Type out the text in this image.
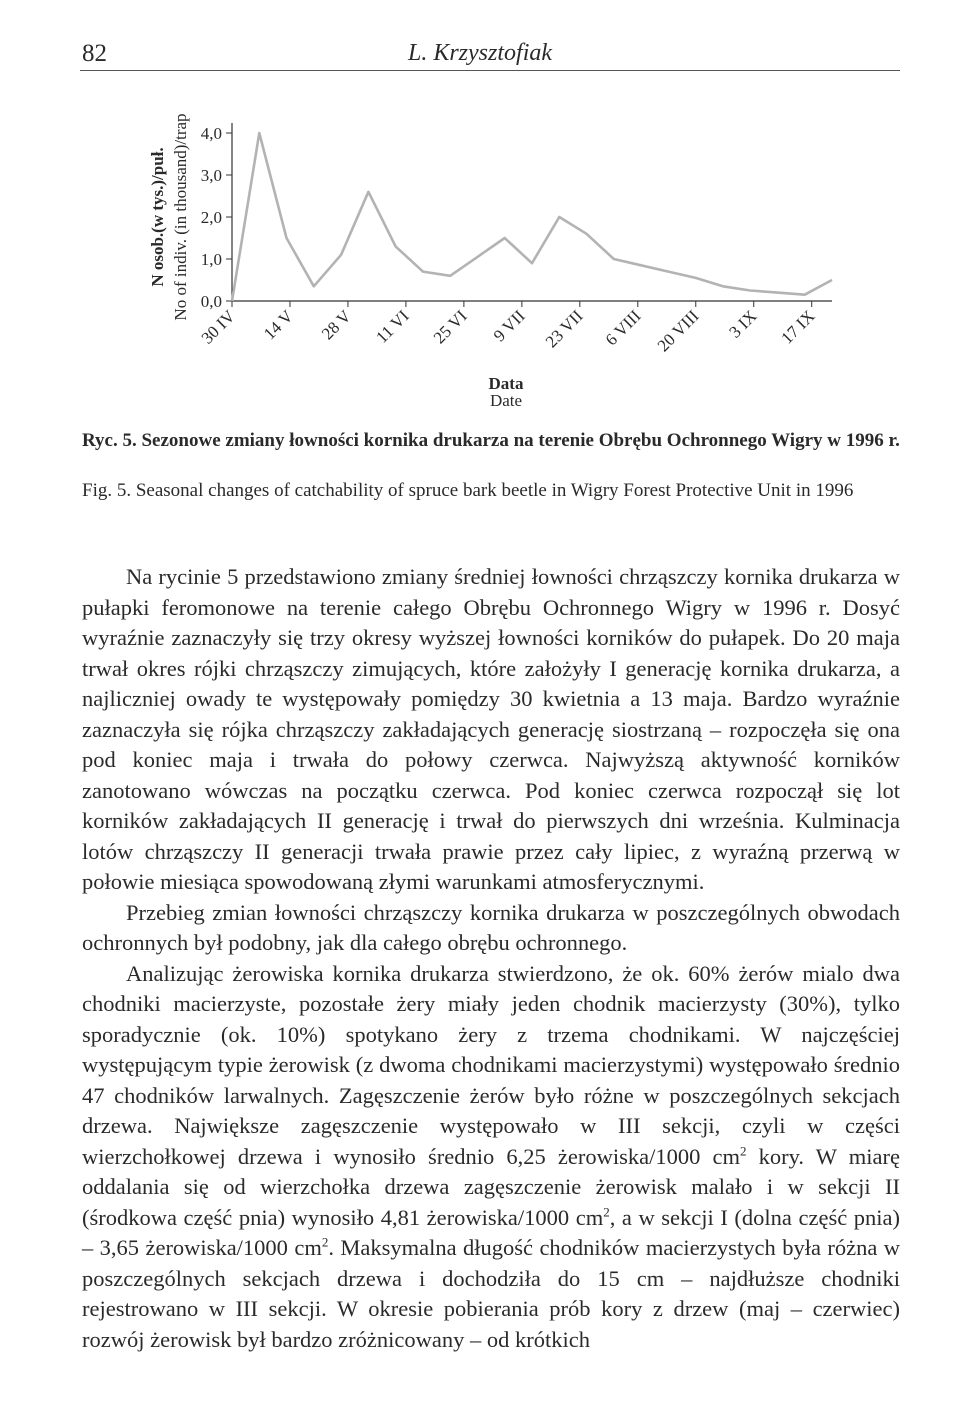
82	L. Krzysztofiak
0,0
1,0
2,0
3,0
4,0
30 IV 14 V 28 V 11 VI 25 VI 9 VII 23 VII 6 VIII 20 VIII 3 IX 17 IX
N osob.(w tys.)/puł. No of indiv. (in thousand)/trap
Data
Date
Ryc. 5. Sezonowe zmiany łowności kornika drukarza na terenie Obrębu Ochronnego Wigry w 1996 r.
Fig. 5. Seasonal changes of catchability of spruce bark beetle in Wigry Forest Protective Unit in 1996

Na rycinie 5 przedstawiono zmiany średniej łowności chrząszczy kornika drukarza w pułapki feromonowe na terenie całego Obrębu Ochronnego Wigry w 1996 r. Dosyć wyraźnie zaznaczyły się trzy okresy wyższej łowności korników do pułapek. Do 20 maja trwał okres rójki chrząszczy zimujących, które założyły I generację kornika drukarza, a najliczniej owady te występowały pomiędzy 30 kwietnia a 13 maja. Bardzo wyraźnie zaznaczyła się rójka chrząszczy zakładających generację siostrzaną – rozpoczęła się ona pod koniec maja i trwała do połowy czerwca. Najwyższą aktywność korników zanotowano wówczas na początku czerwca. Pod koniec czerwca rozpoczął się lot korników zakładających II generację i trwał do pierwszych dni września. Kulminacja lotów chrząszczy II generacji trwała prawie przez cały lipiec, z wyraźną przerwą w połowie miesiąca spowodowaną złymi warunkami atmosferycznymi.

Przebieg zmian łowności chrząszczy kornika drukarza w poszczególnych obwodach ochronnych był podobny, jak dla całego obrębu ochronnego.

Analizując żerowiska kornika drukarza stwierdzono, że ok. 60% żerów mialo dwa chodniki macierzyste, pozostałe żery miały jeden chodnik macierzysty (30%), tylko sporadycznie (ok. 10%) spotykano żery z trzema chodnikami. W najczęściej występującym typie żerowisk (z dwoma chodnikami macierzystymi) występowało średnio 47 chodników larwalnych. Zagęszczenie żerów było różne w poszczególnych sekcjach drzewa. Największe zagęszczenie występowało w III sekcji, czyli w części wierzchołkowej drzewa i wynosiło średnio 6,25 żerowiska/1000 $cm^2$ kory. W miarę oddalania się od wierzchołka drzewa zagęszczenie żerowisk malało i w sekcji II (środkowa część pnia) wynosiło 4,81 żerowiska/1000 $cm^2$, a w sekcji I (dolna część pnia) – 3,65 żerowiska/1000 $cm^2$. Maksymalna długość chodników macierzystych była różna w poszczególnych sekcjach drzewa i dochodziła do 15 cm – najdłuższe chodniki rejestrowano w III sekcji. W okresie pobierania prób kory z drzew (maj – czerwiec) rozwój żerowisk był bardzo zróżnicowany – od krótkich
